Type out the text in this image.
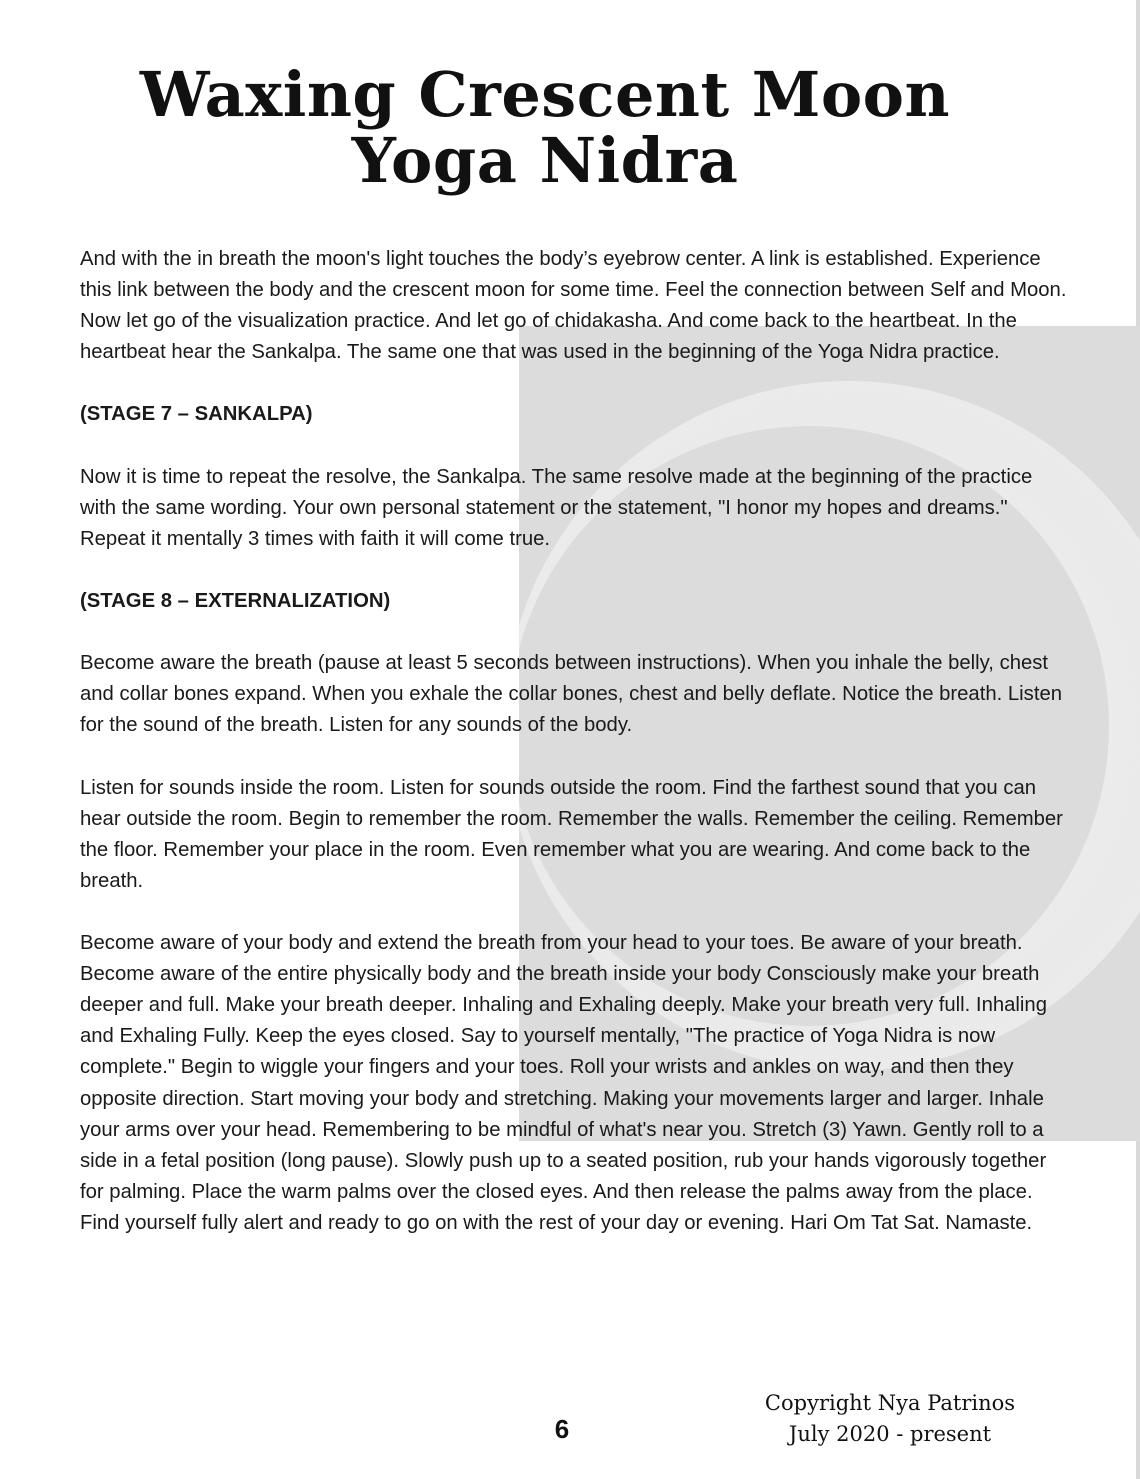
Waxing Crescent Moon
Yoga Nidra

And with the in breath the moon's light touches the body’s eyebrow center. A link is established. Experience this link between the body and the crescent moon for some time. Feel the connection between Self and Moon. Now let go of the visualization practice. And let go of chidakasha. And come back to the heartbeat. In the heartbeat hear the Sankalpa. The same one that was used in the beginning of the Yoga Nidra practice.

(STAGE 7 – SANKALPA)

Now it is time to repeat the resolve, the Sankalpa. The same resolve made at the beginning of the practice with the same wording. Your own personal statement or the statement, "I honor my hopes and dreams." Repeat it mentally 3 times with faith it will come true.

(STAGE 8 – EXTERNALIZATION)

Become aware the breath (pause at least 5 seconds between instructions). When you inhale the belly, chest and collar bones expand. When you exhale the collar bones, chest and belly deflate. Notice the breath. Listen for the sound of the breath. Listen for any sounds of the body.

Listen for sounds inside the room. Listen for sounds outside the room. Find the farthest sound that you can hear outside the room. Begin to remember the room. Remember the walls. Remember the ceiling. Remember the floor. Remember your place in the room. Even remember what you are wearing. And come back to the breath.

Become aware of your body and extend the breath from your head to your toes. Be aware of your breath. Become aware of the entire physically body and the breath inside your body Consciously make your breath deeper and full. Make your breath deeper. Inhaling and Exhaling deeply. Make your breath very full. Inhaling and Exhaling Fully. Keep the eyes closed. Say to yourself mentally, "The practice of Yoga Nidra is now complete." Begin to wiggle your fingers and your toes. Roll your wrists and ankles on way, and then they opposite direction. Start moving your body and stretching. Making your movements larger and larger. Inhale your arms over your head. Remembering to be mindful of what's near you. Stretch (3) Yawn. Gently roll to a side in a fetal position (long pause). Slowly push up to a seated position, rub your hands vigorously together for palming. Place the warm palms over the closed eyes. And then release the palms away from the place. Find yourself fully alert and ready to go on with the rest of your day or evening. Hari Om Tat Sat. Namaste.

6
Copyright Nya Patrinos
July 2020 - present
